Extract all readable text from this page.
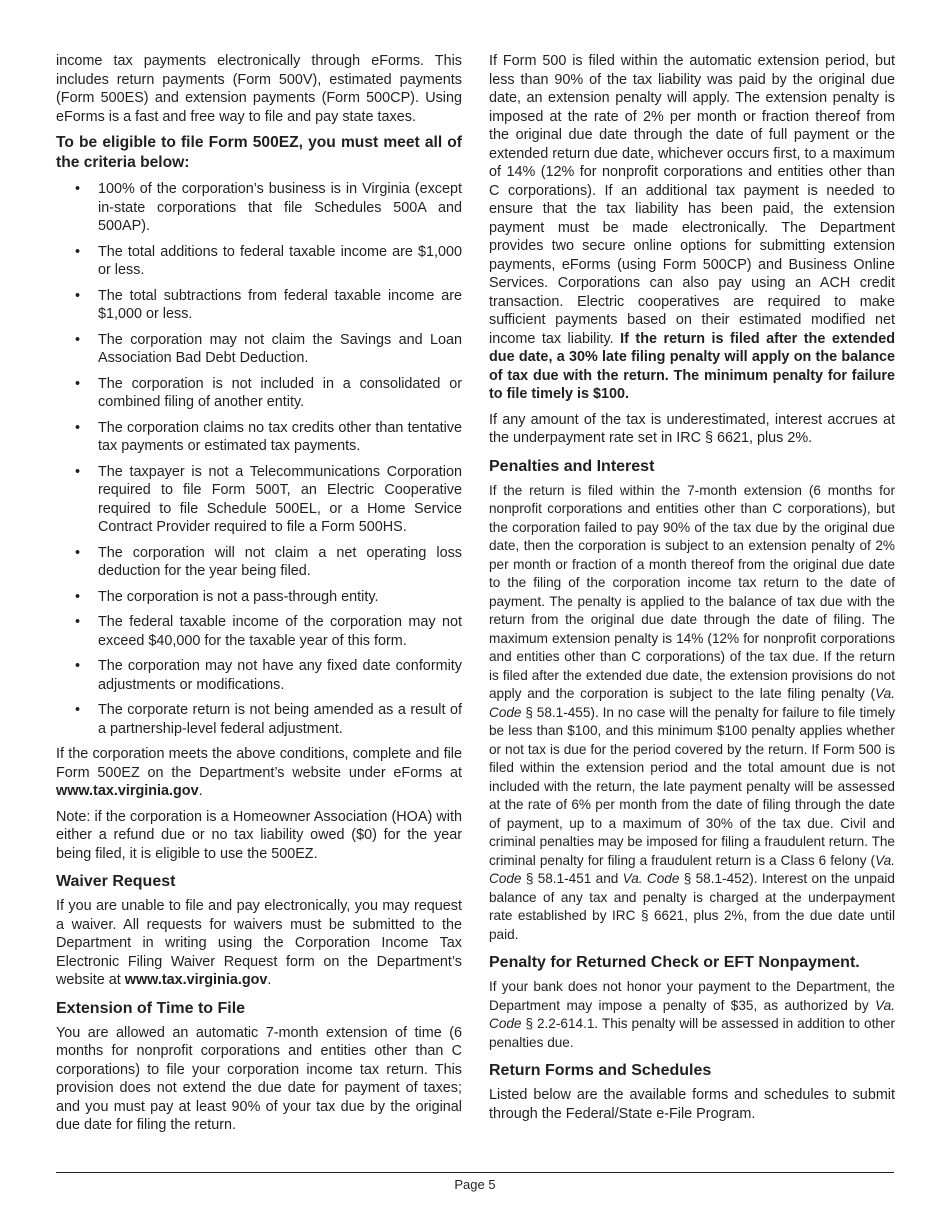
income tax payments electronically through eForms. This includes return payments (Form 500V), estimated payments (Form 500ES) and extension payments (Form 500CP). Using eForms is a fast and free way to file and pay state taxes.

To be eligible to file Form 500EZ, you must meet all of the criteria below:

• 100% of the corporation’s business is in Virginia (except in-state corporations that file Schedules 500A and 500AP).
• The total additions to federal taxable income are $1,000 or less.
• The total subtractions from federal taxable income are $1,000 or less.
• The corporation may not claim the Savings and Loan Association Bad Debt Deduction.
• The corporation is not included in a consolidated or combined filing of another entity.
• The corporation claims no tax credits other than tentative tax payments or estimated tax payments.
• The taxpayer is not a Telecommunications Corporation required to file Form 500T, an Electric Cooperative required to file Schedule 500EL, or a Home Service Contract Provider required to file a Form 500HS.
• The corporation will not claim a net operating loss deduction for the year being filed.
• The corporation is not a pass-through entity.
• The federal taxable income of the corporation may not exceed $40,000 for the taxable year of this form.
• The corporation may not have any fixed date conformity adjustments or modifications.
• The corporate return is not being amended as a result of a partnership-level federal adjustment.

If the corporation meets the above conditions, complete and file Form 500EZ on the Department’s website under eForms at www.tax.virginia.gov.

Note: if the corporation is a Homeowner Association (HOA) with either a refund due or no tax liability owed ($0) for the year being filed, it is eligible to use the 500EZ.

Waiver Request

If you are unable to file and pay electronically, you may request a waiver. All requests for waivers must be submitted to the Department in writing using the Corporation Income Tax Electronic Filing Waiver Request form on the Department’s website at www.tax.virginia.gov.

Extension of Time to File

You are allowed an automatic 7-month extension of time (6 months for nonprofit corporations and entities other than C corporations) to file your corporation income tax return. This provision does not extend the due date for payment of taxes; and you must pay at least 90% of your tax due by the original due date for filing the return.

If Form 500 is filed within the automatic extension period, but less than 90% of the tax liability was paid by the original due date, an extension penalty will apply. The extension penalty is imposed at the rate of 2% per month or fraction thereof from the original due date through the date of full payment or the extended return due date, whichever occurs first, to a maximum of 14% (12% for nonprofit corporations and entities other than C corporations). If an additional tax payment is needed to ensure that the tax liability has been paid, the extension payment must be made electronically. The Department provides two secure online options for submitting extension payments, eForms (using Form 500CP) and Business Online Services. Corporations can also pay using an ACH credit transaction. Electric cooperatives are required to make sufficient payments based on their estimated modified net income tax liability. If the return is filed after the extended due date, a 30% late filing penalty will apply on the balance of tax due with the return. The minimum penalty for failure to file timely is $100.

If any amount of the tax is underestimated, interest accrues at the underpayment rate set in IRC § 6621, plus 2%.

Penalties and Interest

If the return is filed within the 7-month extension (6 months for nonprofit corporations and entities other than C corporations), but the corporation failed to pay 90% of the tax due by the original due date, then the corporation is subject to an extension penalty of 2% per month or fraction of a month thereof from the original due date to the filing of the corporation income tax return to the date of payment. The penalty is applied to the balance of tax due with the return from the original due date through the date of filing. The maximum extension penalty is 14% (12% for nonprofit corporations and entities other than C corporations) of the tax due. If the return is filed after the extended due date, the extension provisions do not apply and the corporation is subject to the late filing penalty (Va. Code § 58.1-455). In no case will the penalty for failure to file timely be less than $100, and this minimum $100 penalty applies whether or not tax is due for the period covered by the return. If Form 500 is filed within the extension period and the total amount due is not included with the return, the late payment penalty will be assessed at the rate of 6% per month from the date of filing through the date of payment, up to a maximum of 30% of the tax due. Civil and criminal penalties may be imposed for filing a fraudulent return. The criminal penalty for filing a fraudulent return is a Class 6 felony (Va. Code § 58.1-451 and Va. Code § 58.1-452). Interest on the unpaid balance of any tax and penalty is charged at the underpayment rate established by IRC § 6621, plus 2%, from the due date until paid.

Penalty for Returned Check or EFT Nonpayment.

If your bank does not honor your payment to the Department, the Department may impose a penalty of $35, as authorized by Va. Code § 2.2-614.1. This penalty will be assessed in addition to other penalties due.

Return Forms and Schedules

Listed below are the available forms and schedules to submit through the Federal/State e-File Program.

Page 5
